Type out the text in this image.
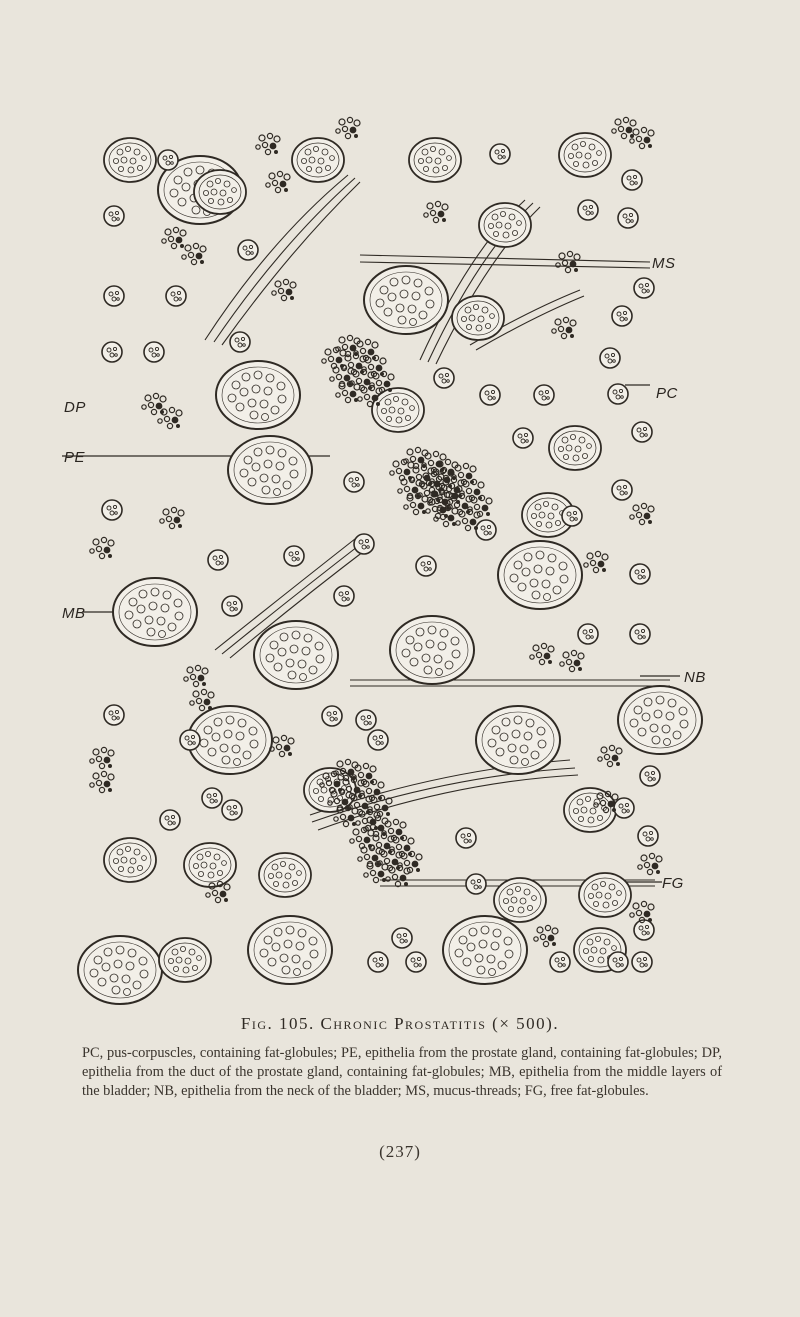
MS
PC
DP
PE
MB
NB
FG
Fig. 105. Chronic Prostatitis (× 500).
PC, pus-corpuscles, containing fat-globules; PE, epithelia from the prostate gland, containing fat-globules; DP, epithelia from the duct of the prostate gland, containing fat-globules; MB, epithelia from the middle layers of the bladder; NB, epithelia from the neck of the bladder; MS, mucus-threads; FG, free fat-globules.
(237)
